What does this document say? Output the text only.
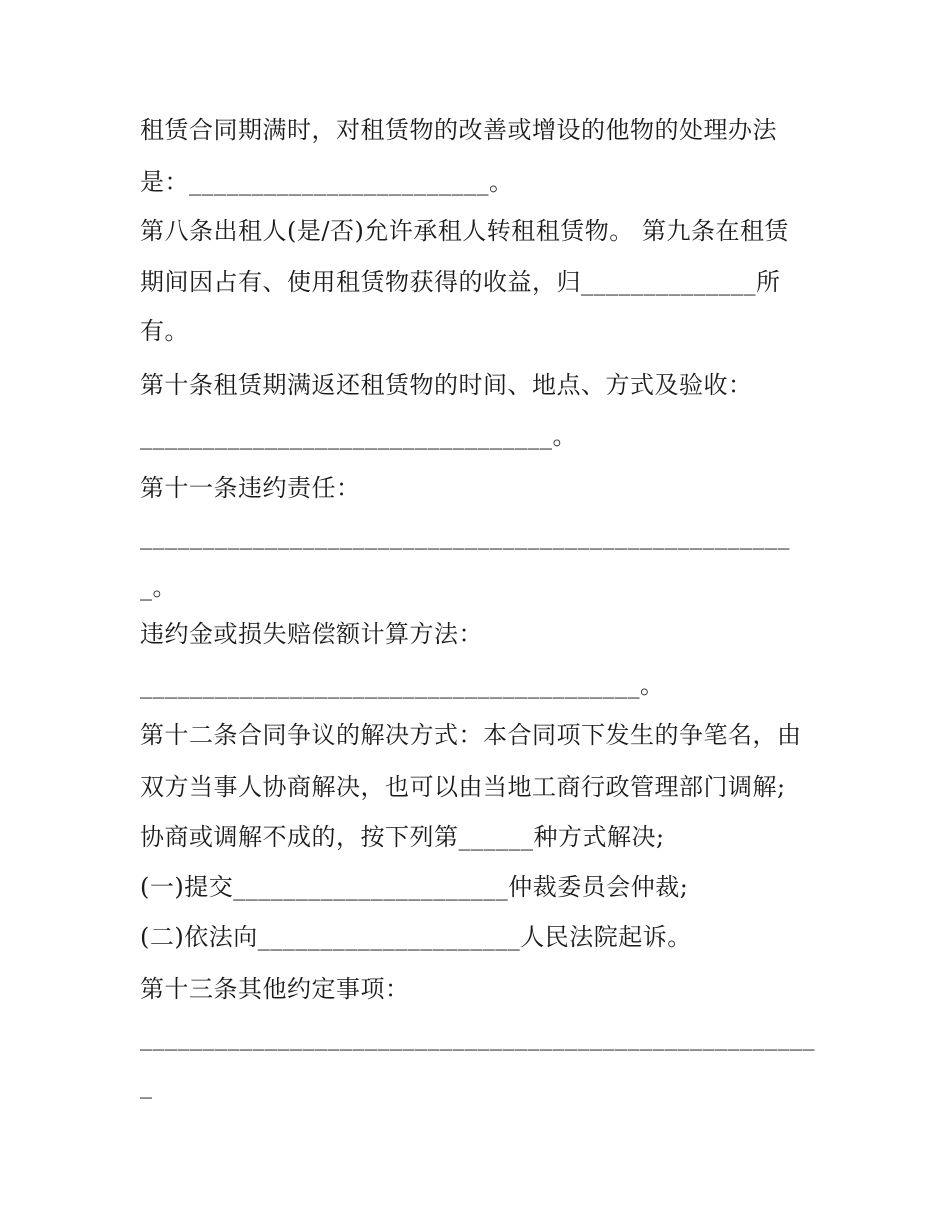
租赁合同期满时，对租赁物的改善或增设的他物的处理办法
是：________________________。
第八条出租人(是/否)允许承租人转租租赁物。 第九条在租赁
期间因占有、使用租赁物获得的收益，归______________所
有。
第十条租赁期满返还租赁物的时间、地点、方式及验收：
_________________________________。
第十一条违约责任：
____________________________________________________
_。
违约金或损失赔偿额计算方法：
________________________________________。
第十二条合同争议的解决方式：本合同项下发生的争笔名，由
双方当事人协商解决，也可以由当地工商行政管理部门调解;
协商或调解不成的，按下列第______种方式解决;
(一)提交______________________仲裁委员会仲裁;
(二)依法向_____________________人民法院起诉。
第十三条其他约定事项：
______________________________________________________
_
